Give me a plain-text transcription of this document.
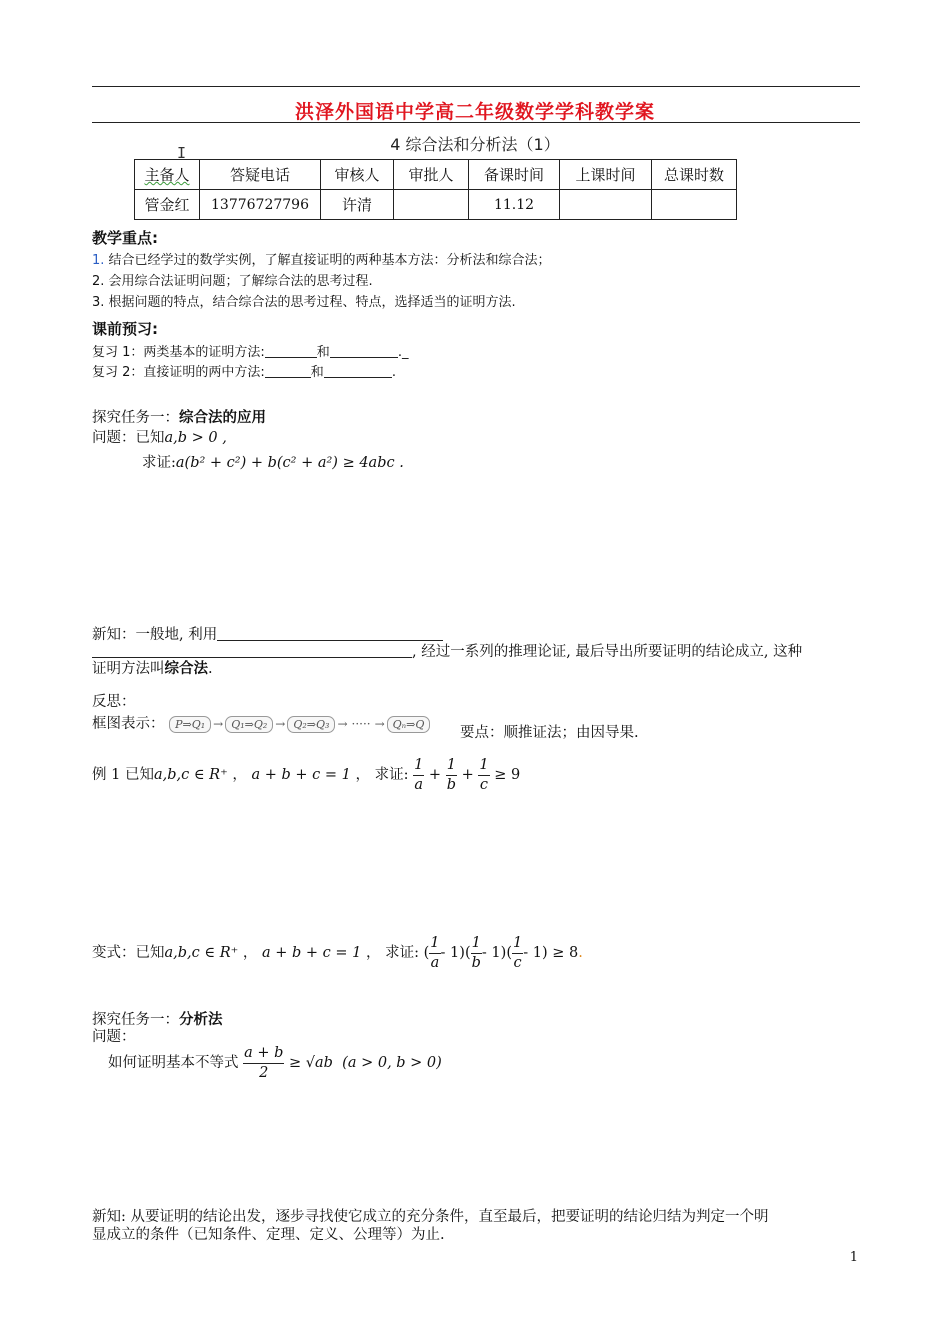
洪泽外国语中学高二年级数学学科教学案
4 综合法和分析法（1）
I
主备人	答疑电话	审核人	审批人	备课时间	上课时间	总课时数
管金红	13776727796	许清		11.12		
教学重点:
1. 结合已经学过的数学实例，了解直接证明的两种基本方法：分析法和综合法；
2. 会用综合法证明问题；了解综合法的思考过程.
3. 根据问题的特点，结合综合法的思考过程、特点，选择适当的证明方法.
课前预习:
复习 1：两类基本的证明方法:	和	._
复习 2：直接证明的两中方法:	和	.
探究任务一：综合法的应用
问题：已知a,b > 0 ,
求证:a(b² + c²) + b(c² + a²) ≥ 4abc .
新知：一般地, 利用
, 经过一系列的推理论证, 最后导出所要证明的结论成立, 这种
证明方法叫综合法.
反思：
框图表示： P⇒Q₁ → Q₁⇒Q₂ → Q₂⇒Q₃ → ····· → Qₙ⇒Q
要点：顺推证法；由因导果.
例 1 已知a,b,c ∈ R⁺ ， a + b + c = 1 ， 求证: $\frac{1}{a} + \frac{1}{b} + \frac{1}{c} \ge 9$
变式：已知a,b,c ∈ R⁺ ， a + b + c = 1 ， 求证: ( $\frac{1}{a} - 1)( \frac{1}{b} - 1)( \frac{1}{c} - 1) \ge 8$.
探究任务一：分析法
问题：
如何证明基本不等式 $\frac{a + b}{2} \ge √ab$ (a > 0, b > 0)
新知: 从要证明的结论出发，逐步寻找使它成立的充分条件，直至最后，把要证明的结论归结为判定一个明
显成立的条件（已知条件、定理、定义、公理等）为止.
1
